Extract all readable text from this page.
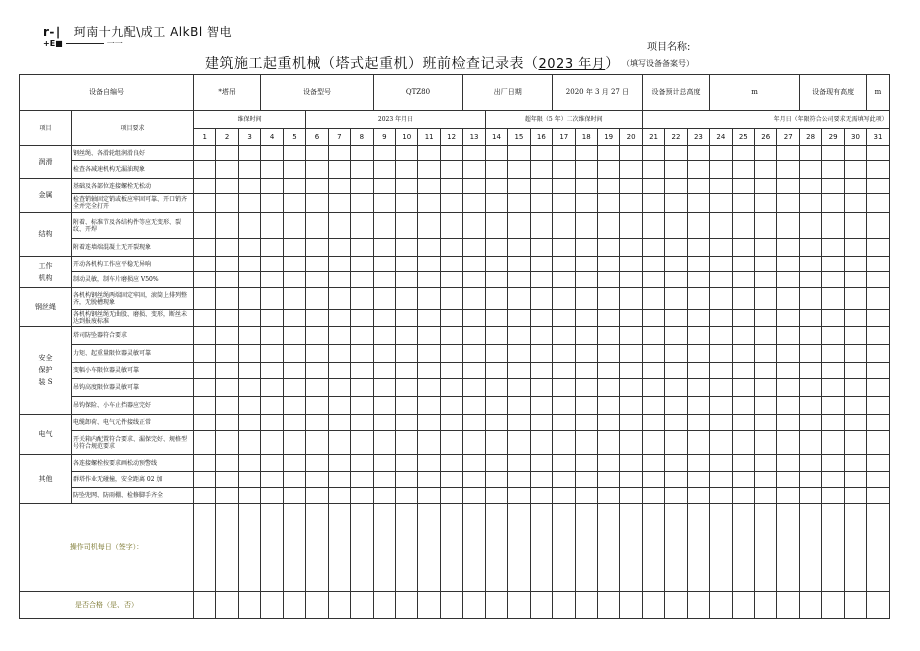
r-∣ 珂南十九配\成工 AlkBl 智电
+E■	一一	项目名称:
建筑施工起重机械（塔式起重机）班前检查记录表（2023 年月） （填写设备备案号）
设备自编号		*塔吊			设备型号					QTZ80				出厂日期				2020 年 3 月 27 日				设备预计总高度			m				设备现有高度			m
项目	项目要求	维保时间					2023 年月日								超年限（5 年）二次维保时间							年月日（年限符合公司要求无需填写此项）										
		1	2	3	4	5	6	7	8	9	10	11	12	13	14	15	16	17	18	19	20	21	22	23	24	25	26	27	28	29	30	31

润滑	钢丝绳、各滑轮组润滑良好																															
	检查各减速机构无漏油现象																															

金属	基础及各部位连接螺栓无松动																															
	检查销轴固定销或板应牢固可靠、开口销齐全并完全打开																															

结构	附着、标准节及各结构件等应无变形、裂纹、开焊																															
	附着连墙端混凝土无开裂现象																															

工作
机构	开动各机构工作应平稳无异响																															
	制动灵敏，制车片磨损应 V50%																															

钢丝绳	各机构钢丝绳两端固定牢固，滚筒上排列整齐，无脱槽现象																															
	各机构钢丝绳无曲股、磨损、变形，断丝未达到报废标准																															

安全
保护
装 S	塔司防坠器符合要求																															
	力矩、起重量限位器灵敏可靠																															
	变幅小车限位器灵敏可靠																															
	吊钩高度限位器灵敏可靠																															
	吊钩保险、小车止挡器应完好																															

电气	电缆卸荷、电气元件接线正常																															
	开关箱内配置符合要求、漏保完好、规格型号符合规范要求																															

其他	各连接螺栓按要求画松动预警线																															
	群塔作业无碰撞，安全距离 02 加																															
	防坠兜网、防雨棚、检修脚手齐全																															
操作司机每日（签字）：																																
是否合格（是、否）																																
